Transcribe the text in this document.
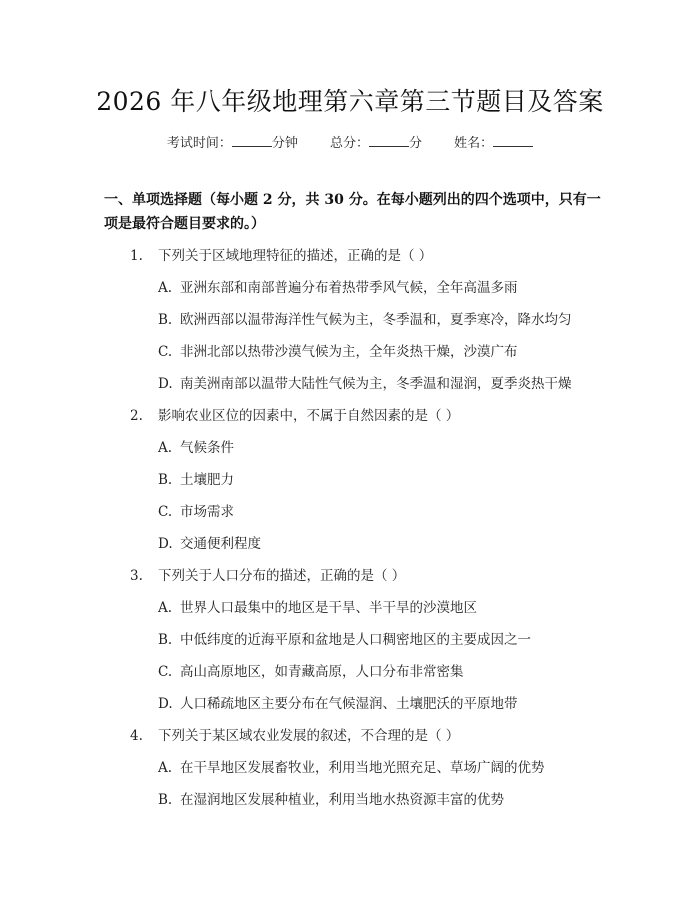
2026 年八年级地理第六章第三节题目及答案
考试时间：	分钟 总分：	分 姓名：
一、单项选择题（每小题 2 分，共 30 分。在每小题列出的四个选项中，只有一项是最符合题目要求的。）
1. 下列关于区域地理特征的描述，正确的是（ ）
A. 亚洲东部和南部普遍分布着热带季风气候，全年高温多雨
B. 欧洲西部以温带海洋性气候为主，冬季温和，夏季寒冷，降水均匀
C. 非洲北部以热带沙漠气候为主，全年炎热干燥，沙漠广布
D. 南美洲南部以温带大陆性气候为主，冬季温和湿润，夏季炎热干燥
2. 影响农业区位的因素中，不属于自然因素的是（ ）
A. 气候条件
B. 土壤肥力
C. 市场需求
D. 交通便利程度
3. 下列关于人口分布的描述，正确的是（ ）
A. 世界人口最集中的地区是干旱、半干旱的沙漠地区
B. 中低纬度的近海平原和盆地是人口稠密地区的主要成因之一
C. 高山高原地区，如青藏高原，人口分布非常密集
D. 人口稀疏地区主要分布在气候湿润、土壤肥沃的平原地带
4. 下列关于某区域农业发展的叙述，不合理的是（ ）
A. 在干旱地区发展畜牧业，利用当地光照充足、草场广阔的优势
B. 在湿润地区发展种植业，利用当地水热资源丰富的优势
